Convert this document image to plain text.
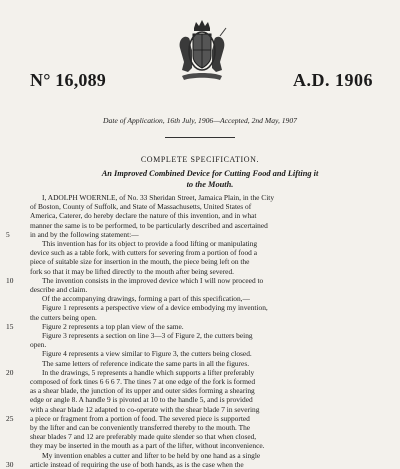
N° 16,089	A.D. 1906
Date of Application, 16th July, 1906—Accepted, 2nd May, 1907
COMPLETE SPECIFICATION.
An Improved Combined Device for Cutting Food and Lifting it
to the Mouth.
5
10
15
20
25
30
I, ADOLPH WOERNLE, of No. 33 Sheridan Street, Jamaica Plain, in the City
of Boston, County of Suffolk, and State of Massachusetts, United States of
America, Caterer, do hereby declare the nature of this invention, and in what
manner the same is to be performed, to be particularly described and ascertained
in and by the following statement:—
This invention has for its object to provide a food lifting or manipulating
device such as a table fork, with cutters for severing from a portion of food a
piece of suitable size for insertion in the mouth, the piece being left on the
fork so that it may be lifted directly to the mouth after being severed.
The invention consists in the improved device which I will now proceed to
describe and claim.
Of the accompanying drawings, forming a part of this specification,—
Figure 1 represents a perspective view of a device embodying my invention,
the cutters being open.
Figure 2 represents a top plan view of the same.
Figure 3 represents a section on line 3—3 of Figure 2, the cutters being
open.
Figure 4 represents a view similar to Figure 3, the cutters being closed.
The same letters of reference indicate the same parts in all the figures.
In the drawings, 5 represents a handle which supports a lifter preferably
composed of fork tines 6 6 6 7. The tines 7 at one edge of the fork is formed
as a shear blade, the junction of its upper and outer sides forming a shearing
edge or angle 8. A handle 9 is pivoted at 10 to the handle 5, and is provided
with a shear blade 12 adapted to co-operate with the shear blade 7 in severing
a piece or fragment from a portion of food. The severed piece is supported
by the lifter and can be conveniently transferred thereby to the mouth. The
shear blades 7 and 12 are preferably made quite slender so that when closed,
they may be inserted in the mouth as a part of the lifter, without inconvenience.
My invention enables a cutter and lifter to be held by one hand as a single
article instead of requiring the use of both hands, as is the case when the
